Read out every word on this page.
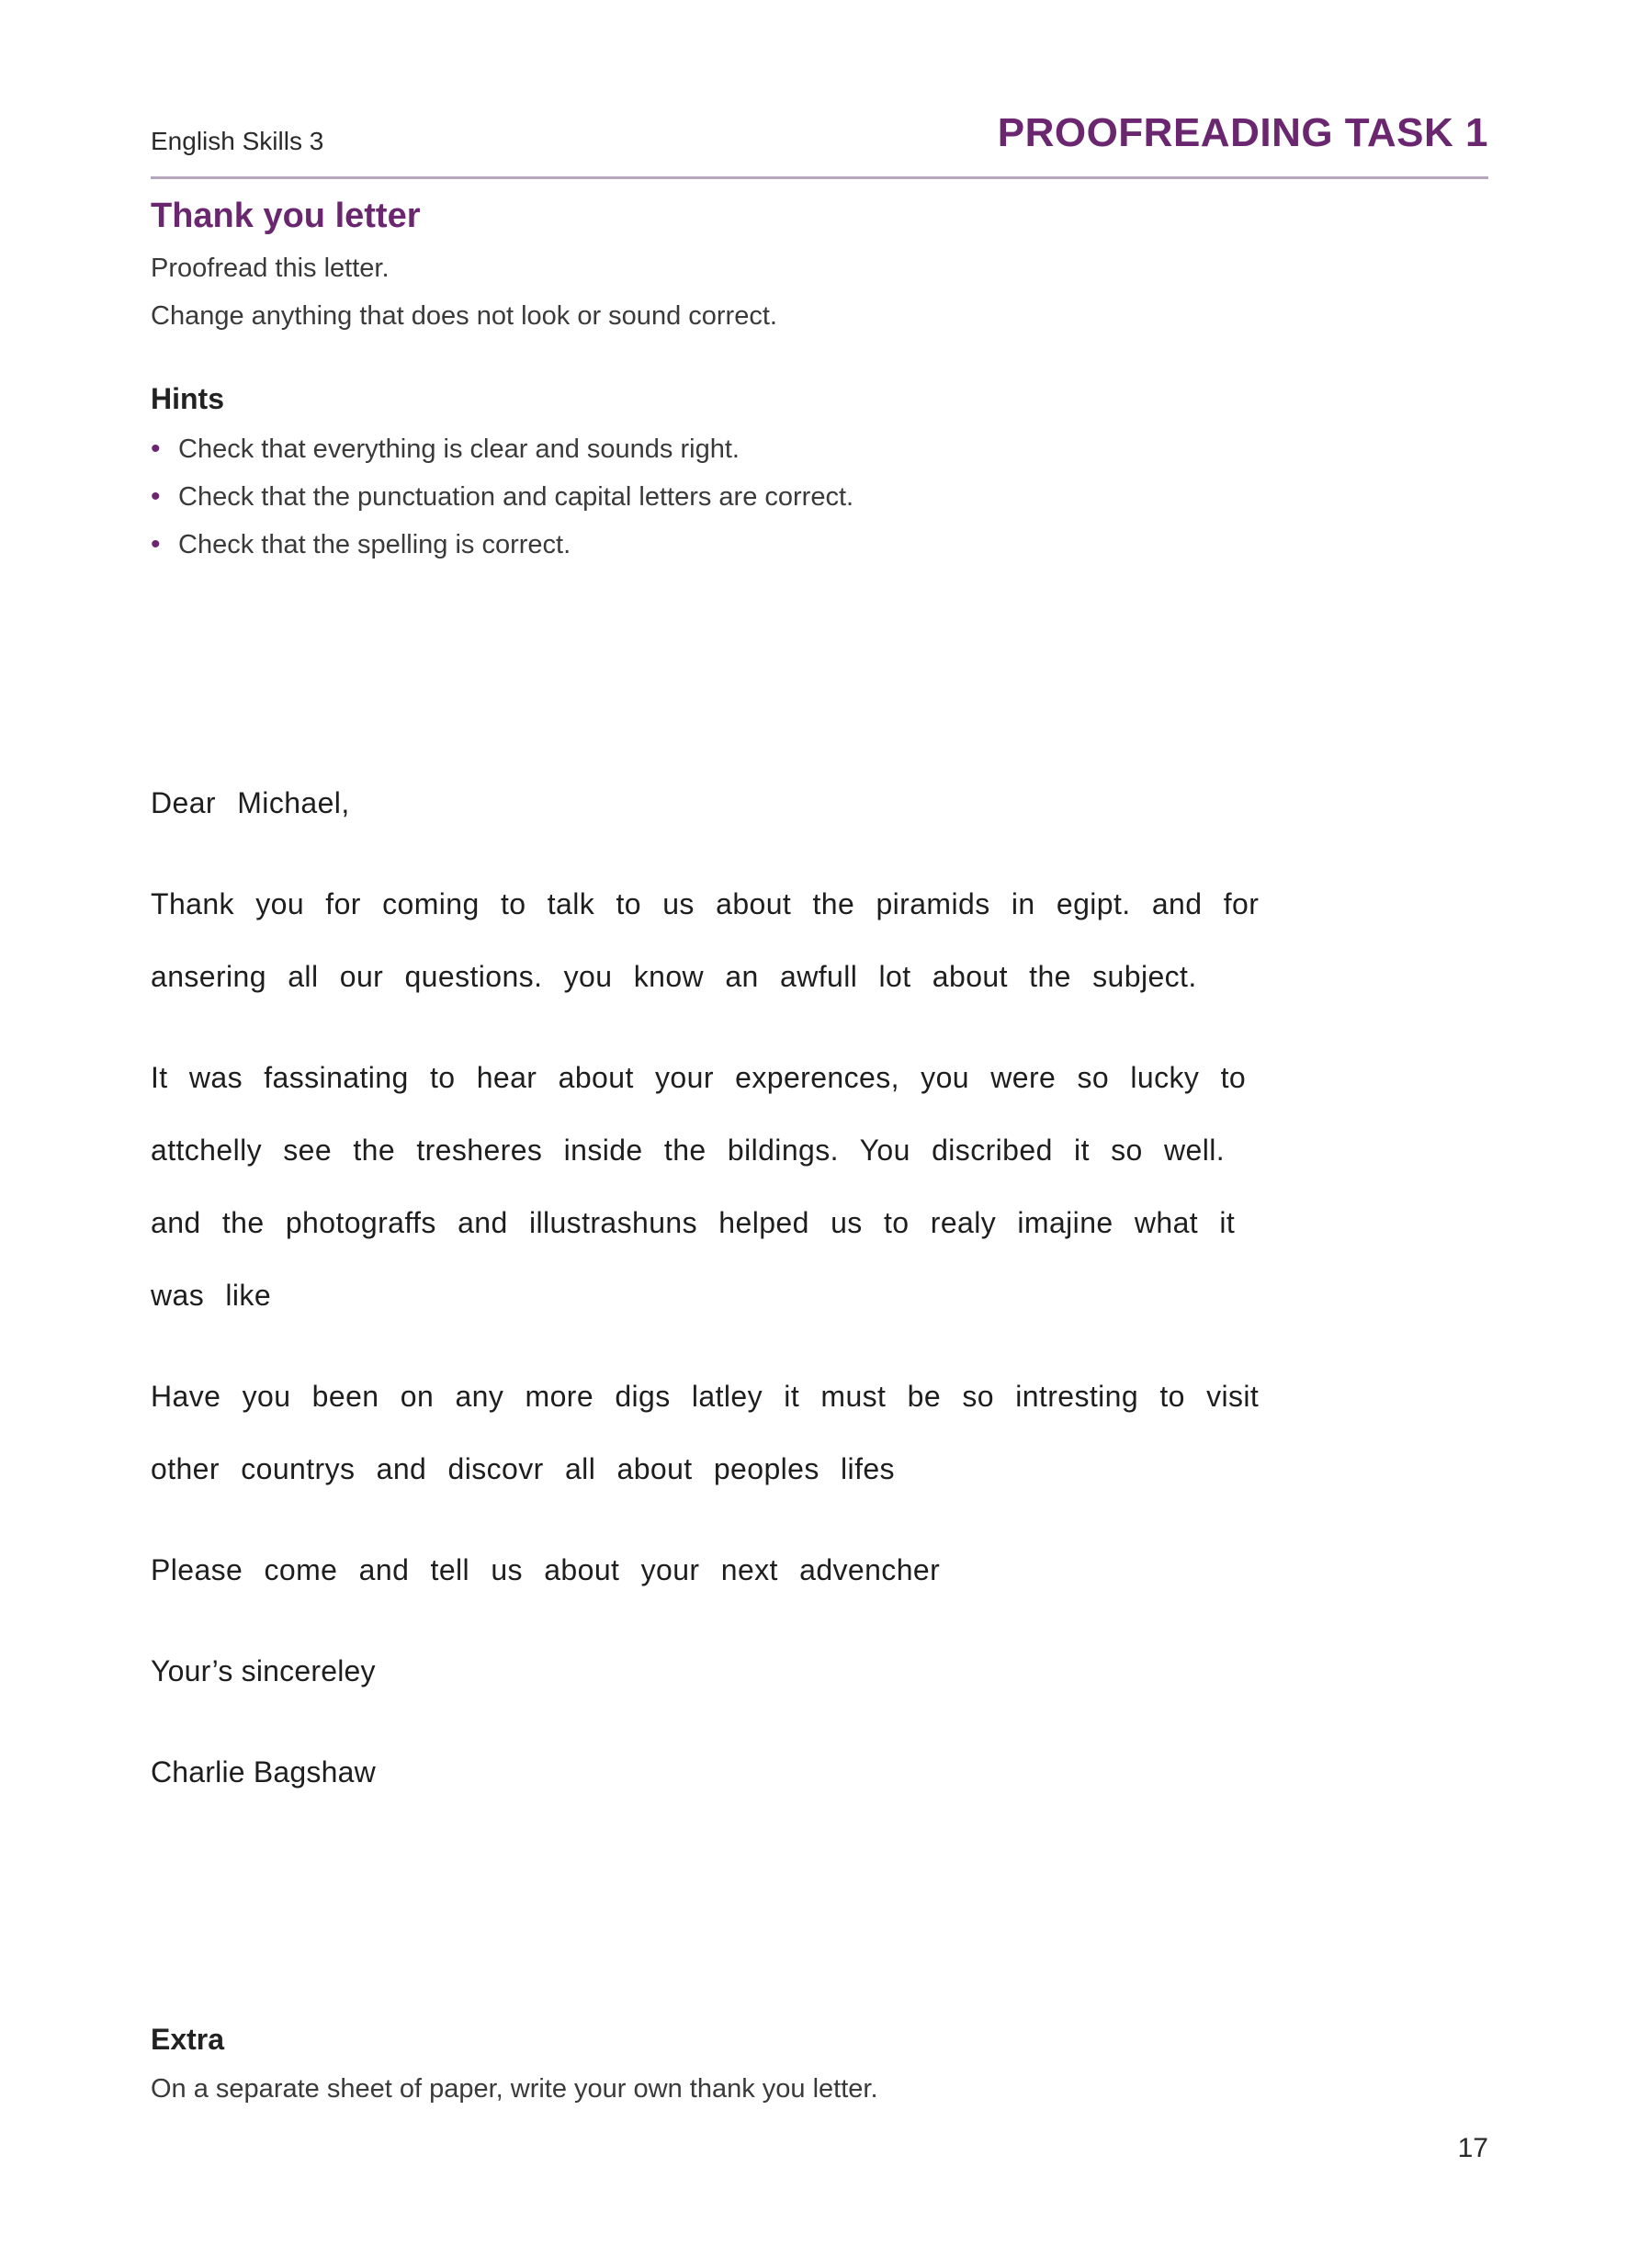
English Skills 3	PROOFREADING TASK 1
Thank you letter
Proofread this letter.
Change anything that does not look or sound correct.
Hints
• Check that everything is clear and sounds right.
• Check that the punctuation and capital letters are correct.
• Check that the spelling is correct.
Dear Michael,
Thank you for coming to talk to us about the piramids in egipt. and for
ansering all our questions. you know an awfull lot about the subject.
It was fassinating to hear about your experences, you were so lucky to
attchelly see the tresheres inside the bildings. You discribed it so well.
and the photograffs and illustrashuns helped us to realy imajine what it
was like
Have you been on any more digs latley it must be so intresting to visit
other countrys and discovr all about peoples lifes
Please come and tell us about your next advencher
Your’s sincereley
Charlie Bagshaw
Extra
On a separate sheet of paper, write your own thank you letter.
17
